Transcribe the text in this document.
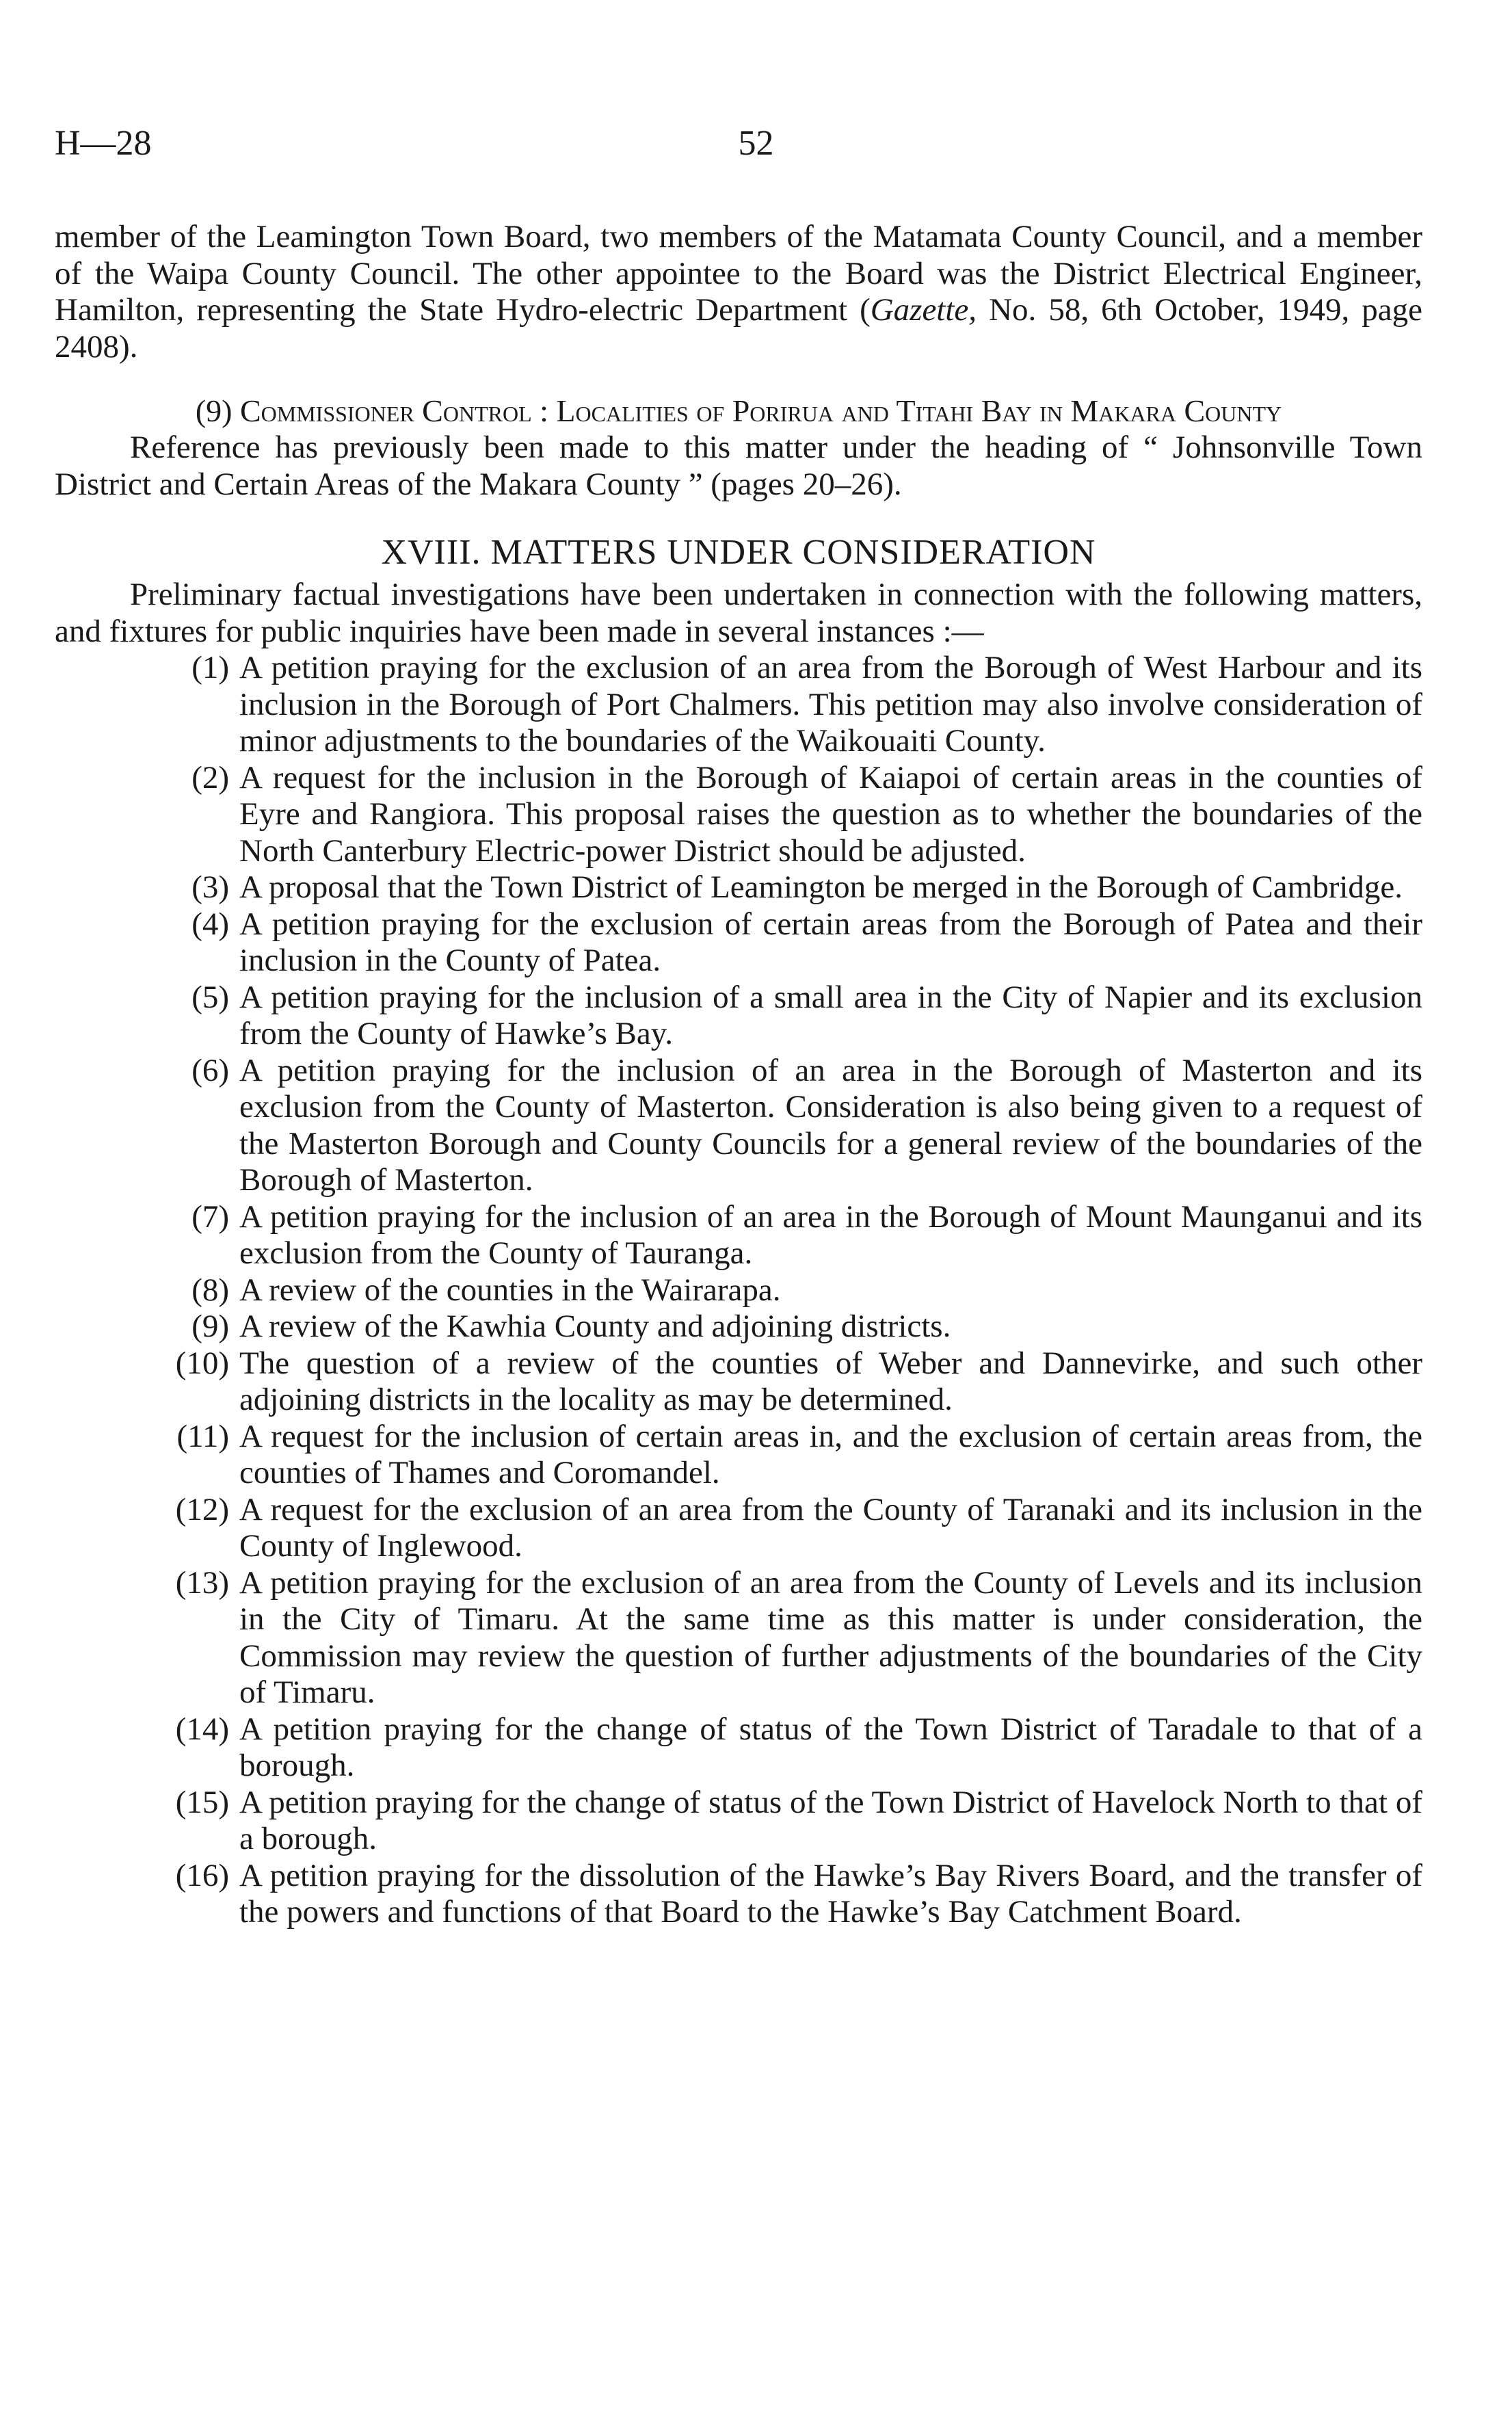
H—28	52

member of the Leamington Town Board, two members of the Matamata County Council, and a member of the Waipa County Council. The other appointee to the Board was the District Electrical Engineer, Hamilton, representing the State Hydro-electric Department (Gazette, No. 58, 6th October, 1949, page 2408).

(9) Commissioner Control : Localities of Porirua and Titahi Bay in Makara County

Reference has previously been made to this matter under the heading of “ Johnsonville Town District and Certain Areas of the Makara County ” (pages 20–26).

XVIII. MATTERS UNDER CONSIDERATION

Preliminary factual investigations have been undertaken in connection with the following matters, and fixtures for public inquiries have been made in several instances :—

(1) A petition praying for the exclusion of an area from the Borough of West Harbour and its inclusion in the Borough of Port Chalmers. This petition may also involve consideration of minor adjustments to the boundaries of the Waikouaiti County.
(2) A request for the inclusion in the Borough of Kaiapoi of certain areas in the counties of Eyre and Rangiora. This proposal raises the question as to whether the boundaries of the North Canterbury Electric-power District should be adjusted.
(3) A proposal that the Town District of Leamington be merged in the Borough of Cambridge.
(4) A petition praying for the exclusion of certain areas from the Borough of Patea and their inclusion in the County of Patea.
(5) A petition praying for the inclusion of a small area in the City of Napier and its exclusion from the County of Hawke’s Bay.
(6) A petition praying for the inclusion of an area in the Borough of Masterton and its exclusion from the County of Masterton. Consideration is also being given to a request of the Masterton Borough and County Councils for a general review of the boundaries of the Borough of Masterton.
(7) A petition praying for the inclusion of an area in the Borough of Mount Maunganui and its exclusion from the County of Tauranga.
(8) A review of the counties in the Wairarapa.
(9) A review of the Kawhia County and adjoining districts.
(10) The question of a review of the counties of Weber and Dannevirke, and such other adjoining districts in the locality as may be determined.
(11) A request for the inclusion of certain areas in, and the exclusion of certain areas from, the counties of Thames and Coromandel.
(12) A request for the exclusion of an area from the County of Taranaki and its inclusion in the County of Inglewood.
(13) A petition praying for the exclusion of an area from the County of Levels and its inclusion in the City of Timaru. At the same time as this matter is under consideration, the Commission may review the question of further adjustments of the boundaries of the City of Timaru.
(14) A petition praying for the change of status of the Town District of Taradale to that of a borough.
(15) A petition praying for the change of status of the Town District of Havelock North to that of a borough.
(16) A petition praying for the dissolution of the Hawke’s Bay Rivers Board, and the transfer of the powers and functions of that Board to the Hawke’s Bay Catchment Board.
